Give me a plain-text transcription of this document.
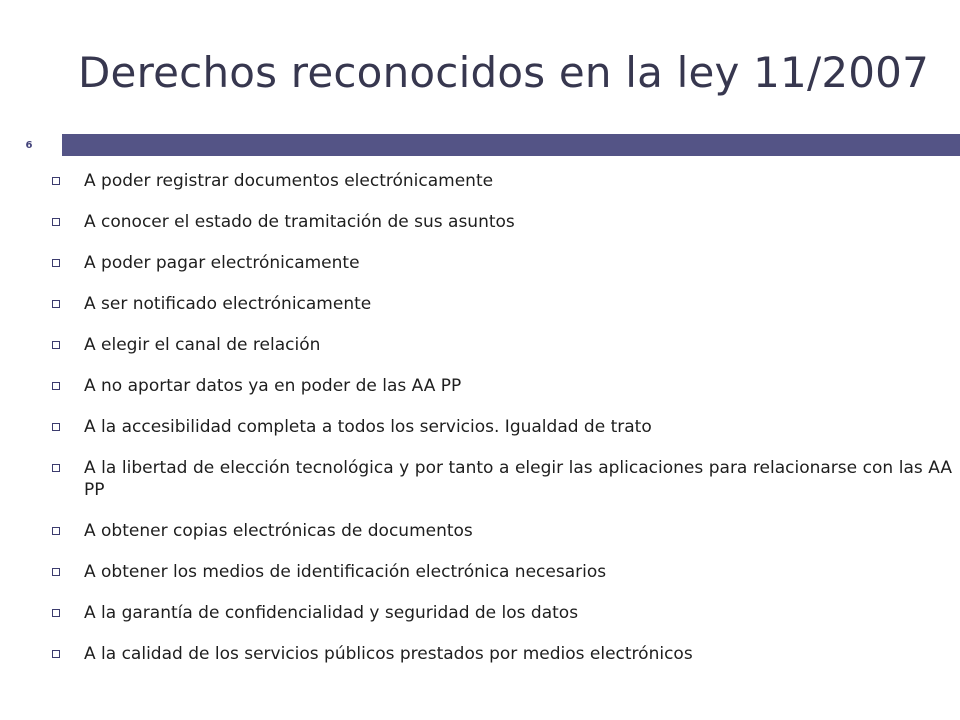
Derechos reconocidos en la ley 11/2007
6
A poder registrar documentos electrónicamente
A conocer el estado de tramitación de sus asuntos
A poder pagar electrónicamente
A ser notificado electrónicamente
A elegir el canal de relación
A no aportar datos ya en poder de las AA PP
A la accesibilidad completa a todos los servicios. Igualdad de trato
A la libertad de elección tecnológica y por tanto a elegir las aplicaciones para relacionarse con las AA PP
A obtener copias electrónicas de documentos
A obtener los medios de identificación electrónica necesarios
A la garantía de confidencialidad y seguridad de los datos
A la calidad de los servicios públicos prestados por medios electrónicos
